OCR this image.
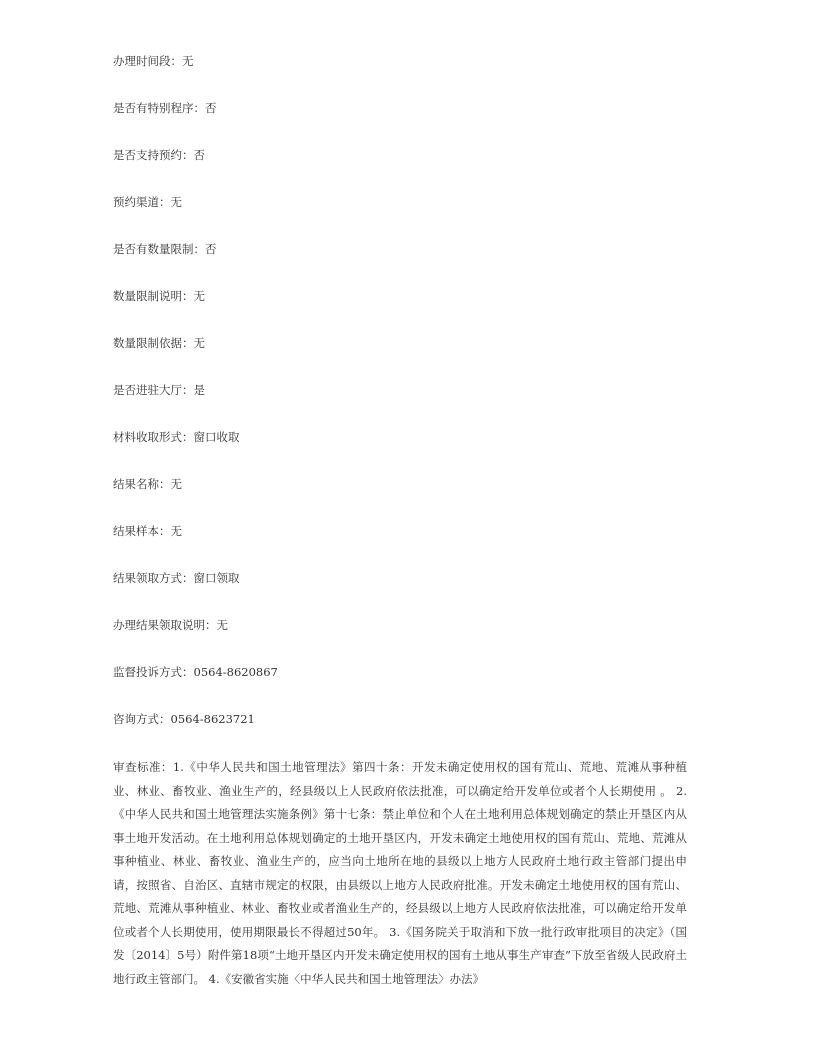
办理时间段：无
是否有特别程序：否
是否支持预约：否
预约渠道：无
是否有数量限制：否
数量限制说明：无
数量限制依据：无
是否进驻大厅：是
材料收取形式：窗口收取
结果名称：无
结果样本：无
结果领取方式：窗口领取
办理结果领取说明：无
监督投诉方式：0564-8620867
咨询方式：0564-8623721
审查标准：1.《中华人民共和国土地管理法》第四十条：开发未确定使用权的国有荒山、荒地、荒滩从事种植业、林业、畜牧业、渔业生产的，经县级以上人民政府依法批准，可以确定给开发单位或者个人长期使用 。 2.《中华人民共和国土地管理法实施条例》第十七条：禁止单位和个人在土地利用总体规划确定的禁止开垦区内从事土地开发活动。在土地利用总体规划确定的土地开垦区内，开发未确定土地使用权的国有荒山、荒地、荒滩从事种植业、林业、畜牧业、渔业生产的，应当向土地所在地的县级以上地方人民政府土地行政主管部门提出申请，按照省、自治区、直辖市规定的权限，由县级以上地方人民政府批准。开发未确定土地使用权的国有荒山、荒地、荒滩从事种植业、林业、畜牧业或者渔业生产的，经县级以上地方人民政府依法批准，可以确定给开发单位或者个人长期使用，使用期限最长不得超过50年。 3.《国务院关于取消和下放一批行政审批项目的决定》（国发〔2014〕5号）附件第18项“土地开垦区内开发未确定使用权的国有土地从事生产审查”下放至省级人民政府土地行政主管部门。 4.《安徽省实施〈中华人民共和国土地管理法〉办法》
